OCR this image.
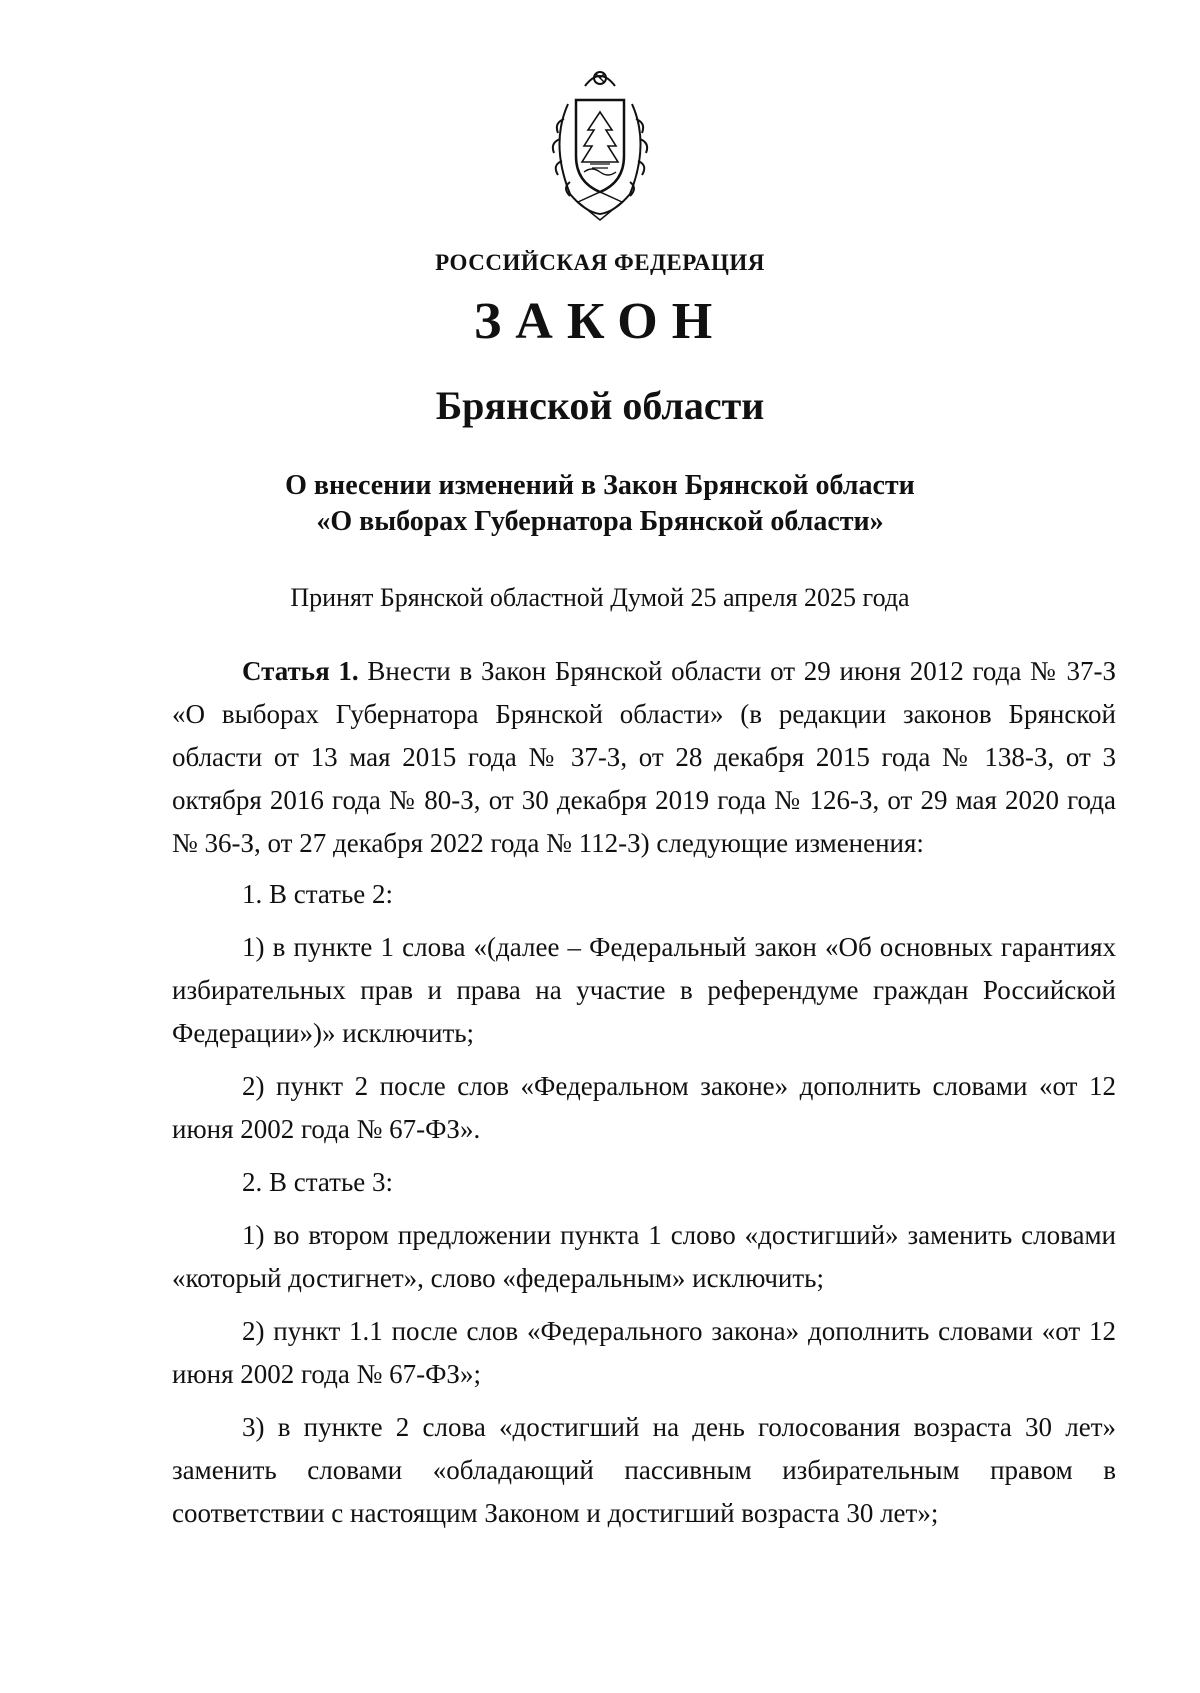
РОССИЙСКАЯ ФЕДЕРАЦИЯ
ЗАКОН
Брянской области
О внесении изменений в Закон Брянской области
«О выборах Губернатора Брянской области»
Принят Брянской областной Думой 25 апреля 2025 года

Статья 1. Внести в Закон Брянской области от 29 июня 2012 года № 37-З «О выборах Губернатора Брянской области» (в редакции законов Брянской области от 13 мая 2015 года № 37-З, от 28 декабря 2015 года № 138-З, от 3 октября 2016 года № 80-З, от 30 декабря 2019 года № 126-З, от 29 мая 2020 года № 36-З, от 27 декабря 2022 года № 112-З) следующие изменения:

1. В статье 2:

1) в пункте 1 слова «(далее – Федеральный закон «Об основных гарантиях избирательных прав и права на участие в референдуме граждан Российской Федерации»)» исключить;

2) пункт 2 после слов «Федеральном законе» дополнить словами «от 12 июня 2002 года № 67-ФЗ».

2. В статье 3:

1) во втором предложении пункта 1 слово «достигший» заменить словами «который достигнет», слово «федеральным» исключить;

2) пункт 1.1 после слов «Федерального закона» дополнить словами «от 12 июня 2002 года № 67-ФЗ»;

3) в пункте 2 слова «достигший на день голосования возраста 30 лет» заменить словами «обладающий пассивным избирательным правом в соответствии с настоящим Законом и достигший возраста 30 лет»;
